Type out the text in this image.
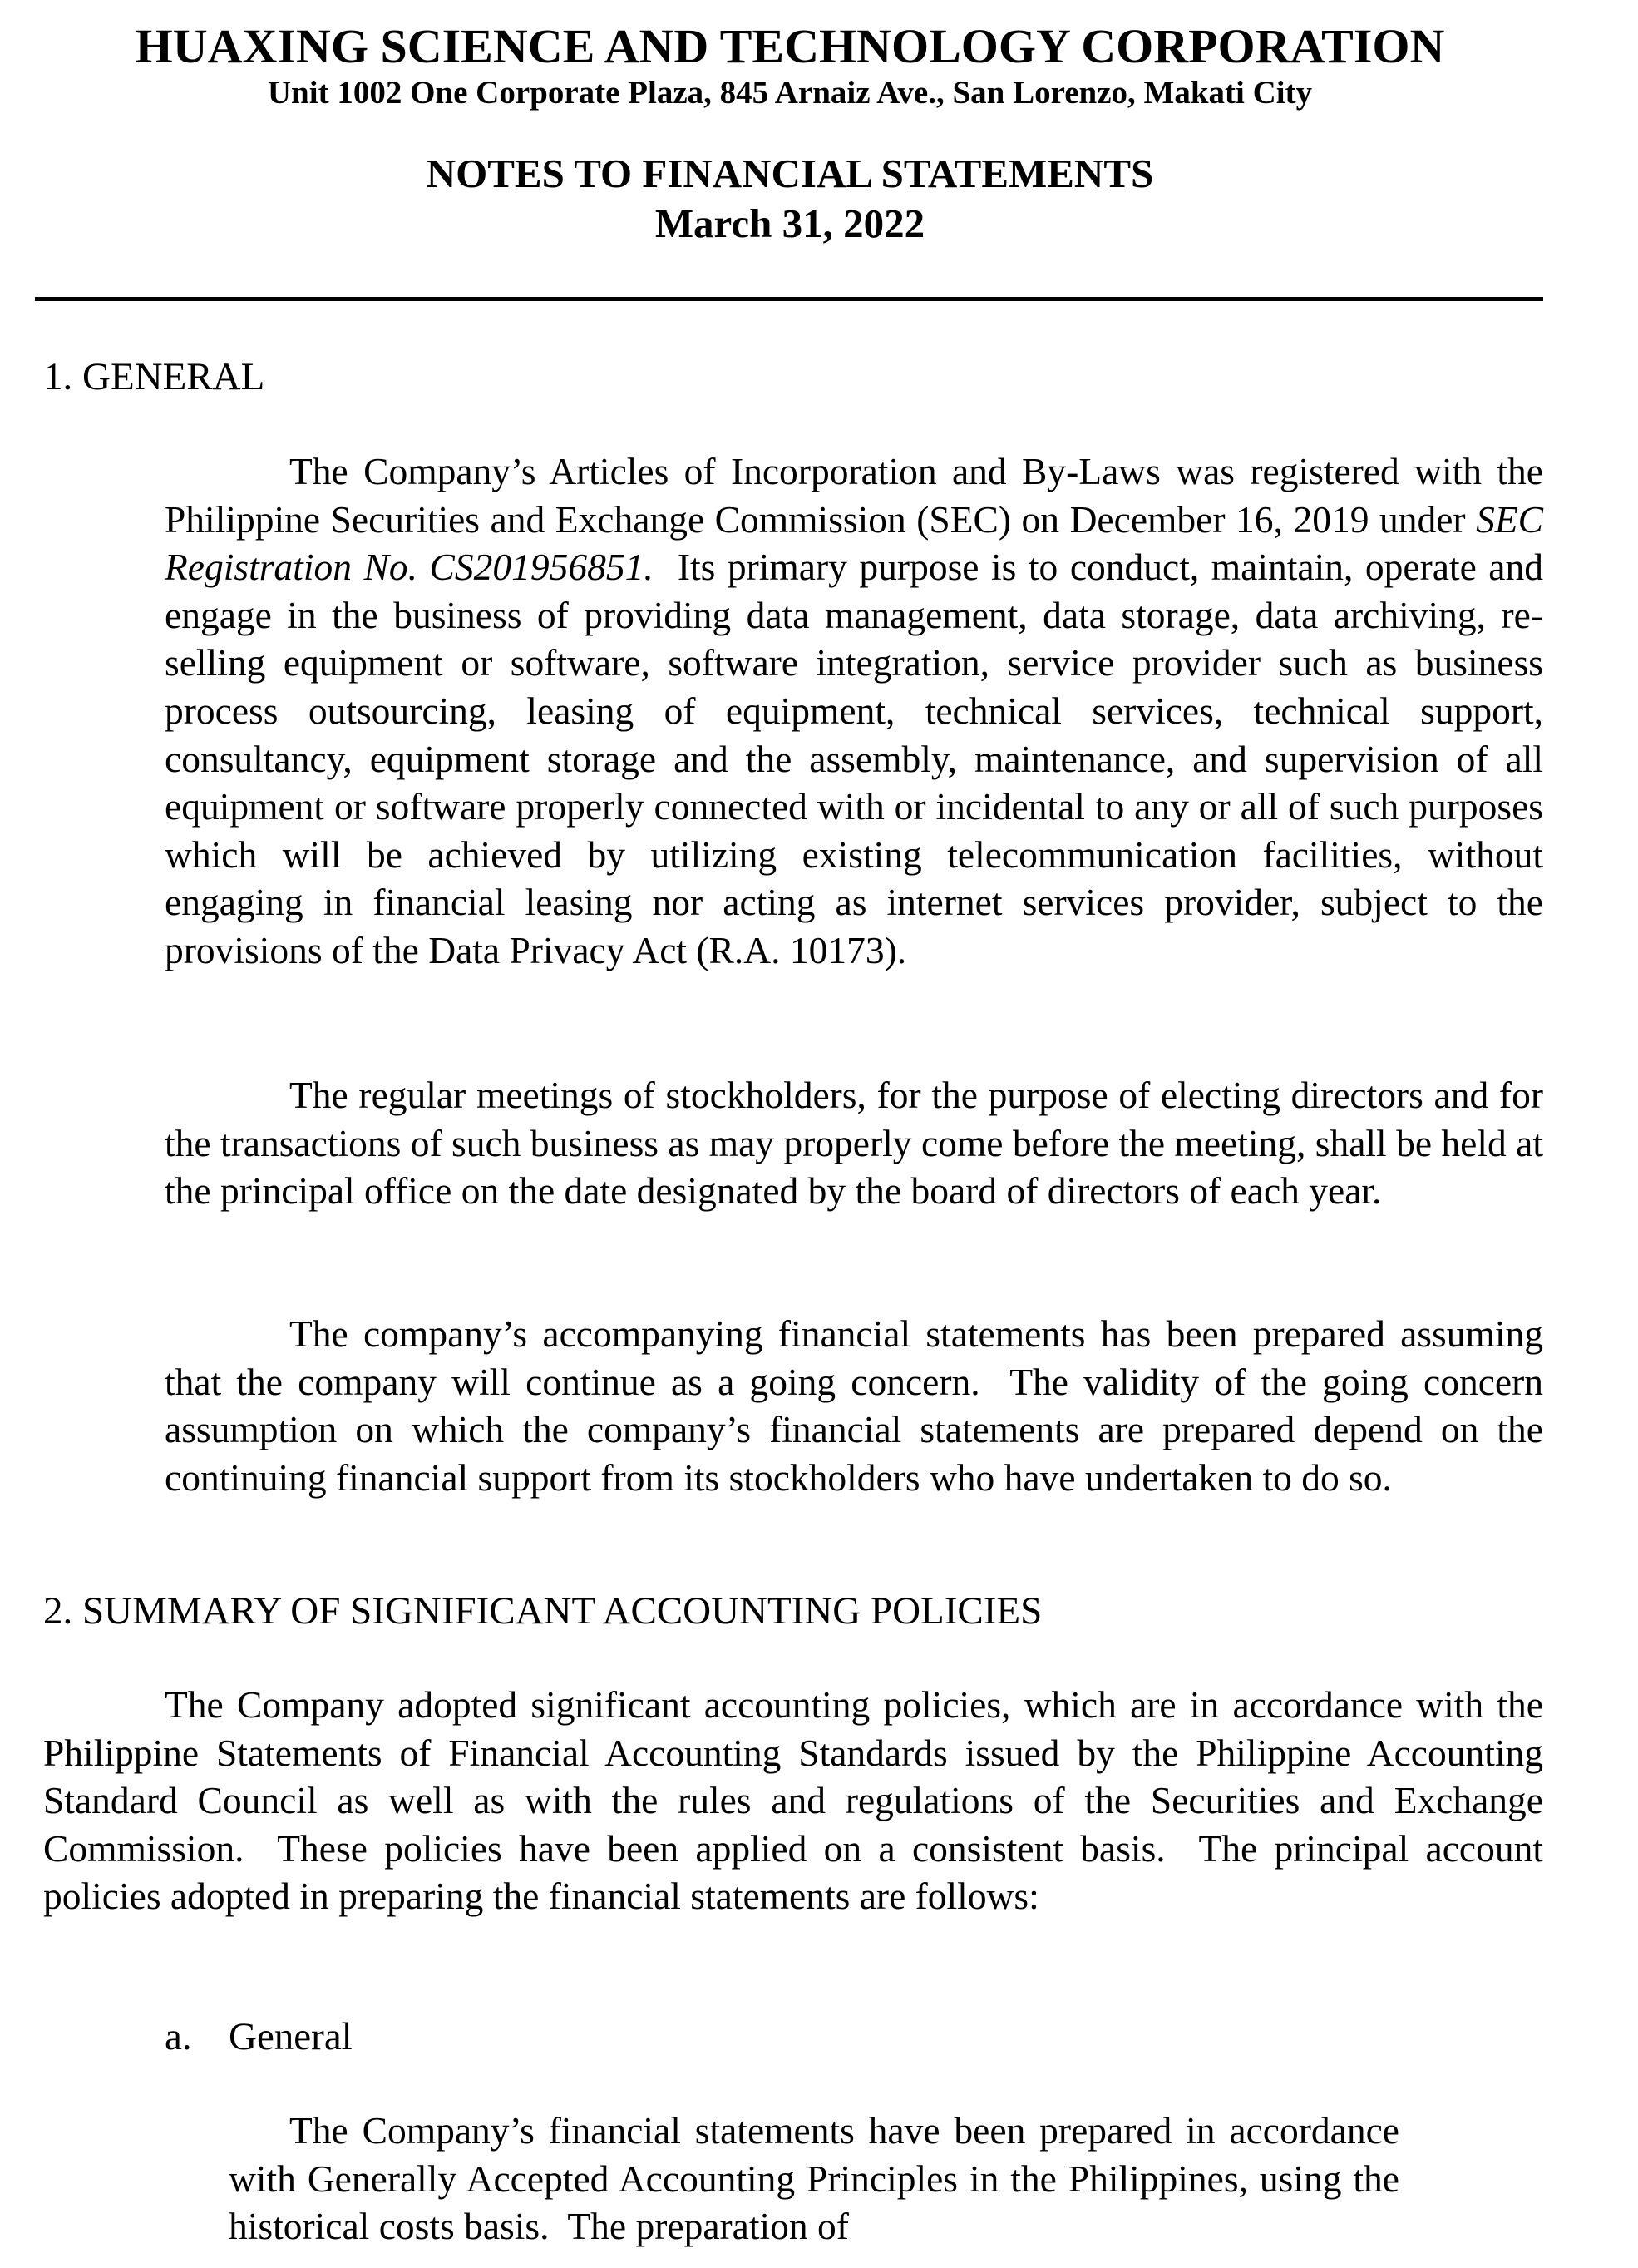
HUAXING SCIENCE AND TECHNOLOGY CORPORATION
Unit 1002 One Corporate Plaza, 845 Arnaiz Ave., San Lorenzo, Makati City
NOTES TO FINANCIAL STATEMENTS
March 31, 2022
1. GENERAL

The Company’s Articles of Incorporation and By-Laws was registered with the Philippine Securities and Exchange Commission (SEC) on December 16, 2019 under SEC Registration No. CS201956851.  Its primary purpose is to conduct, maintain, operate and engage in the business of providing data management, data storage, data archiving, re-selling equipment or software, software integration, service provider such as business process outsourcing, leasing of equipment, technical services, technical support, consultancy, equipment storage and the assembly, maintenance, and supervision of all equipment or software properly connected with or incidental to any or all of such purposes which will be achieved by utilizing existing telecommunication facilities, without engaging in financial leasing nor acting as internet services provider, subject to the provisions of the Data Privacy Act (R.A. 10173).

The regular meetings of stockholders, for the purpose of electing directors and for the transactions of such business as may properly come before the meeting, shall be held at the principal office on the date designated by the board of directors of each year.

The company’s accompanying financial statements has been prepared assuming that the company will continue as a going concern.  The validity of the going concern assumption on which the company’s financial statements are prepared depend on the continuing financial support from its stockholders who have undertaken to do so.

2. SUMMARY OF SIGNIFICANT ACCOUNTING POLICIES

The Company adopted significant accounting policies, which are in accordance with the Philippine Statements of Financial Accounting Standards issued by the Philippine Accounting Standard Council as well as with the rules and regulations of the Securities and Exchange Commission.  These policies have been applied on a consistent basis.  The principal account policies adopted in preparing the financial statements are follows:

a. General

The Company’s financial statements have been prepared in accordance with Generally Accepted Accounting Principles in the Philippines, using the historical costs basis.  The preparation of
